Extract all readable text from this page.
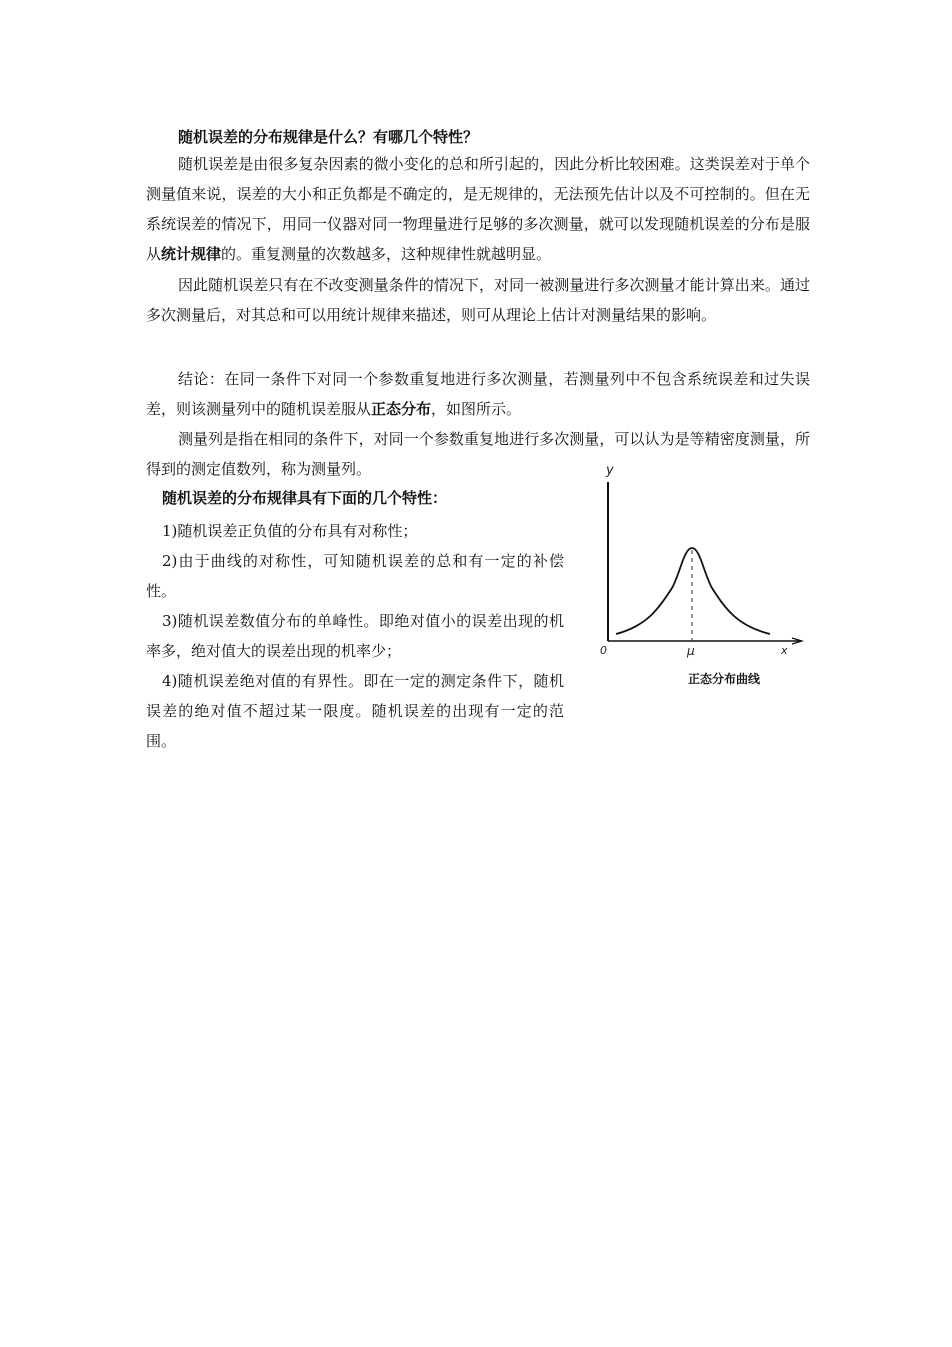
随机误差的分布规律是什么？有哪几个特性？

随机误差是由很多复杂因素的微小变化的总和所引起的，因此分析比较困难。这类误差对于单个测量值来说，误差的大小和正负都是不确定的，是无规律的，无法预先估计以及不可控制的。但在无系统误差的情况下，用同一仪器对同一物理量进行足够的多次测量，就可以发现随机误差的分布是服从统计规律的。重复测量的次数越多，这种规律性就越明显。

因此随机误差只有在不改变测量条件的情况下，对同一被测量进行多次测量才能计算出来。通过多次测量后，对其总和可以用统计规律来描述，则可从理论上估计对测量结果的影响。

结论：在同一条件下对同一个参数重复地进行多次测量，若测量列中不包含系统误差和过失误差，则该测量列中的随机误差服从正态分布，如图所示。

测量列是指在相同的条件下，对同一个参数重复地进行多次测量，可以认为是等精密度测量，所得到的测定值数列，称为测量列。

随机误差的分布规律具有下面的几个特性：

1)随机误差正负值的分布具有对称性；

2)由于曲线的对称性，可知随机误差的总和有一定的补偿性。

3)随机误差数值分布的单峰性。即绝对值小的误差出现的机率多，绝对值大的误差出现的机率少；

4)随机误差绝对值的有界性。即在一定的测定条件下，随机误差的绝对值不超过某一限度。随机误差的出现有一定的范围。

y
0	μ	x
正态分布曲线
